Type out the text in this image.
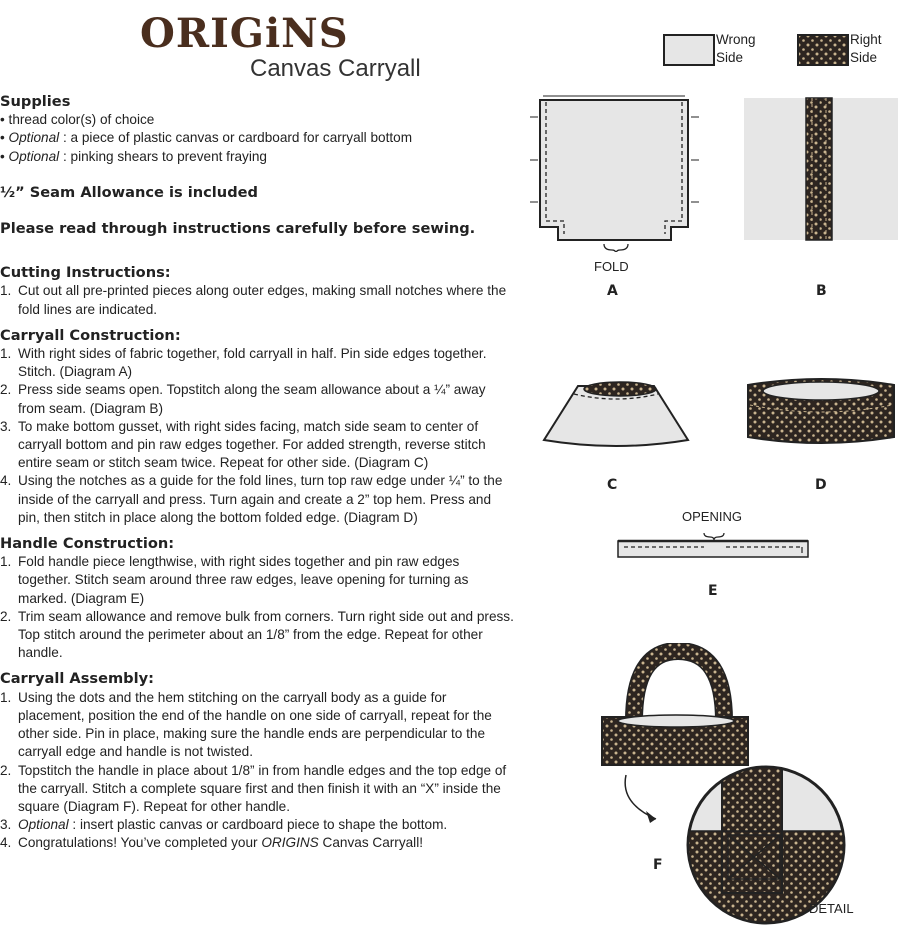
ORIGiNS
Canvas Carryall
Wrong
Side
Right
Side
Supplies

• thread color(s) of choice

• Optional : a piece of plastic canvas or cardboard for carryall bottom

• Optional : pinking shears to prevent fraying

½” Seam Allowance is included
Please read through instructions carefully before sewing.
Cutting Instructions:
1. Cut out all pre-printed pieces along outer edges, making small notches where the fold lines are indicated.
Carryall Construction:
1. With right sides of fabric together, fold carryall in half. Pin side edges together. Stitch. (Diagram A)
2. Press side seams open. Topstitch along the seam allowance about a ¼” away from seam. (Diagram B)
3. To make bottom gusset, with right sides facing, match side seam to center of carryall bottom and pin raw edges together. For added strength, reverse stitch entire seam or stitch seam twice. Repeat for other side. (Diagram C)
4. Using the notches as a guide for the fold lines, turn top raw edge under ¼” to the inside of the carryall and press. Turn again and create a 2” top hem. Press and pin, then stitch in place along the bottom folded edge. (Diagram D)
Handle Construction:
1. Fold handle piece lengthwise, with right sides together and pin raw edges together. Stitch seam around three raw edges, leave opening for turning as marked. (Diagram E)
2. Trim seam allowance and remove bulk from corners. Turn right side out and press. Top stitch around the perimeter about an 1/8” from the edge. Repeat for other handle.
Carryall Assembly:
1. Using the dots and the hem stitching on the carryall body as a guide for placement, position the end of the handle on one side of carryall, repeat for the other side. Pin in place, making sure the handle ends are perpendicular to the carryall edge and handle is not twisted.
2. Topstitch the handle in place about 1/8” in from handle edges and the top edge of the carryall. Stitch a complete square first and then finish it with an “X” inside the square (Diagram F). Repeat for other handle.
3. Optional : insert plastic canvas or cardboard piece to shape the bottom.
4. Congratulations! You’ve completed your ORIGINS Canvas Carryall!
FOLD
A	B
C	D
OPENING
E
F
DETAIL
